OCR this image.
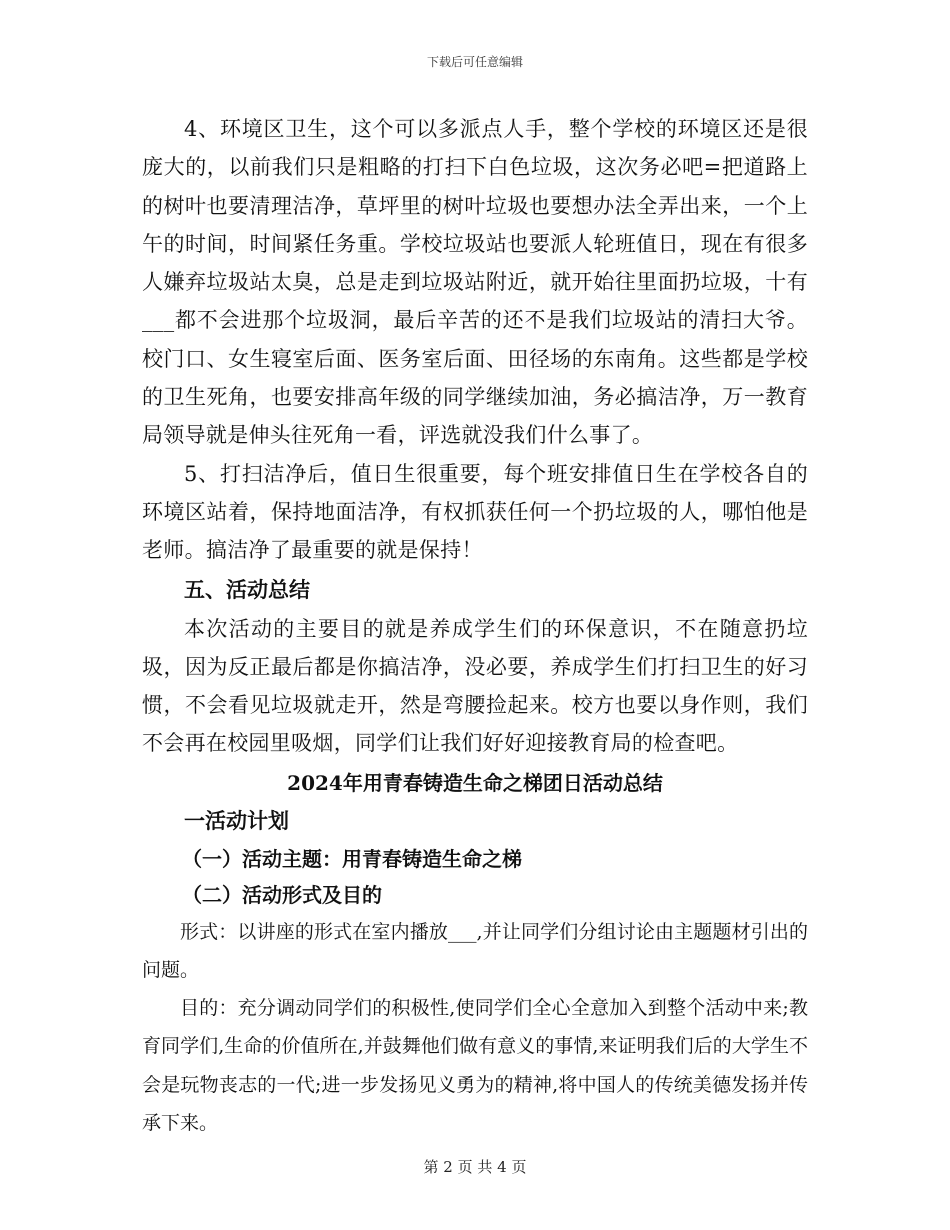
下载后可任意编辑

4、环境区卫生，这个可以多派点人手，整个学校的环境区还是很庞大的，以前我们只是粗略的打扫下白色垃圾，这次务必吧=把道路上的树叶也要清理洁净，草坪里的树叶垃圾也要想办法全弄出来，一个上午的时间，时间紧任务重。学校垃圾站也要派人轮班值日，现在有很多人嫌弃垃圾站太臭，总是走到垃圾站附近，就开始往里面扔垃圾，十有___都不会进那个垃圾洞，最后辛苦的还不是我们垃圾站的清扫大爷。校门口、女生寝室后面、医务室后面、田径场的东南角。这些都是学校的卫生死角，也要安排高年级的同学继续加油，务必搞洁净，万一教育局领导就是伸头往死角一看，评选就没我们什么事了。

5、打扫洁净后，值日生很重要，每个班安排值日生在学校各自的环境区站着，保持地面洁净，有权抓获任何一个扔垃圾的人，哪怕他是老师。搞洁净了最重要的就是保持！

五、活动总结

本次活动的主要目的就是养成学生们的环保意识，不在随意扔垃圾，因为反正最后都是你搞洁净，没必要，养成学生们打扫卫生的好习惯，不会看见垃圾就走开，然是弯腰捡起来。校方也要以身作则，我们不会再在校园里吸烟，同学们让我们好好迎接教育局的检查吧。

2024年用青春铸造生命之梯团日活动总结

一活动计划

（一）活动主题：用青春铸造生命之梯

（二）活动形式及目的

形式：以讲座的形式在室内播放___,并让同学们分组讨论由主题题材引出的问题。

目的：充分调动同学们的积极性,使同学们全心全意加入到整个活动中来;教育同学们,生命的价值所在,并鼓舞他们做有意义的事情,来证明我们后的大学生不会是玩物丧志的一代;进一步发扬见义勇为的精神,将中国人的传统美德发扬并传承下来。

第 2 页 共 4 页
